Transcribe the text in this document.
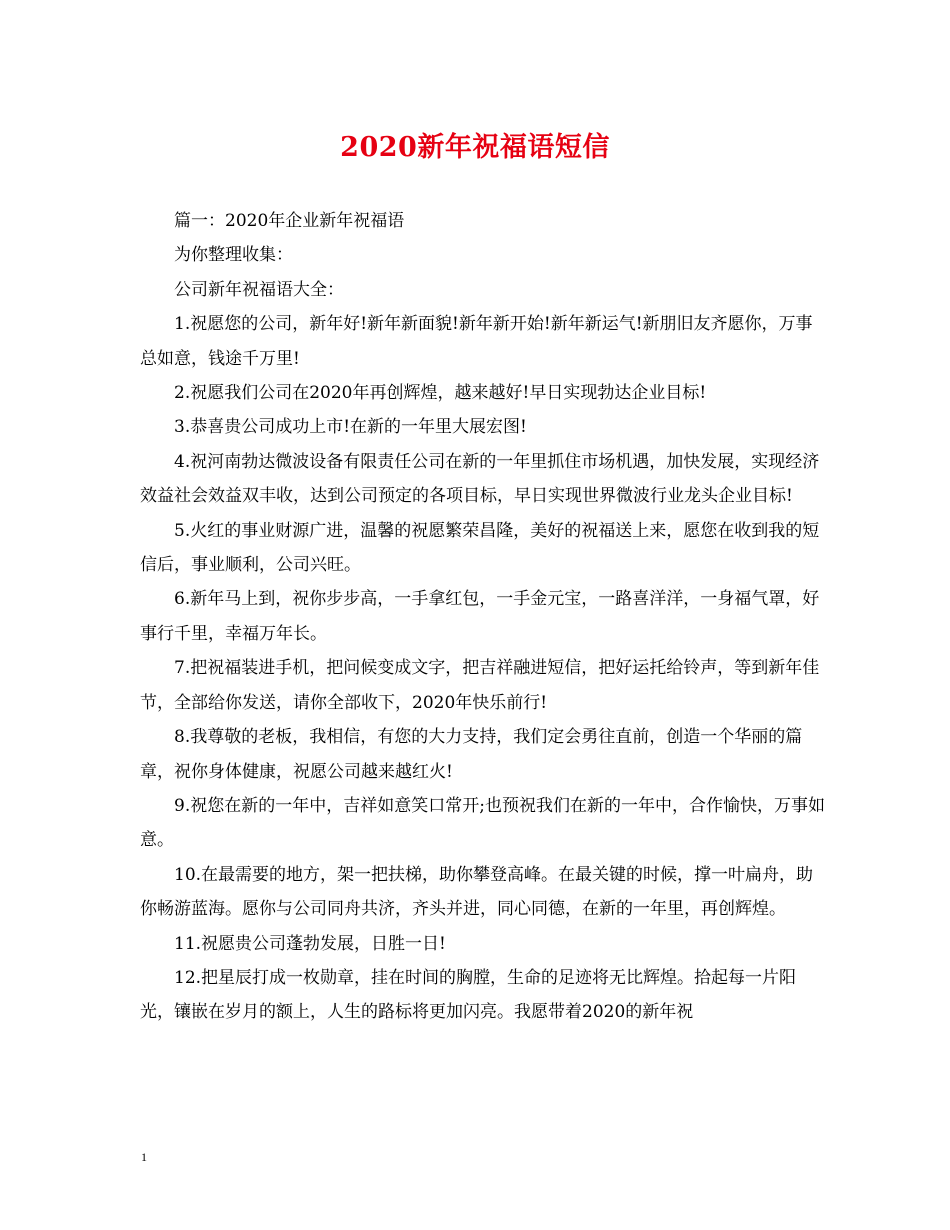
2020新年祝福语短信

篇一：2020年企业新年祝福语

为你整理收集：

公司新年祝福语大全：

1.祝愿您的公司，新年好!新年新面貌!新年新开始!新年新运气!新朋旧友齐愿你，万事总如意，钱途千万里!

2.祝愿我们公司在2020年再创辉煌，越来越好!早日实现勃达企业目标!

3.恭喜贵公司成功上市!在新的一年里大展宏图!

4.祝河南勃达微波设备有限责任公司在新的一年里抓住市场机遇，加快发展，实现经济效益社会效益双丰收，达到公司预定的各项目标，早日实现世界微波行业龙头企业目标!

5.火红的事业财源广进，温馨的祝愿繁荣昌隆，美好的祝福送上来，愿您在收到我的短信后，事业顺利，公司兴旺。

6.新年马上到，祝你步步高，一手拿红包，一手金元宝，一路喜洋洋，一身福气罩，好事行千里，幸福万年长。

7.把祝福装进手机，把问候变成文字，把吉祥融进短信，把好运托给铃声，等到新年佳节，全部给你发送，请你全部收下，2020年快乐前行!

8.我尊敬的老板，我相信，有您的大力支持，我们定会勇往直前，创造一个华丽的篇章，祝你身体健康，祝愿公司越来越红火!

9.祝您在新的一年中，吉祥如意笑口常开;也预祝我们在新的一年中，合作愉快，万事如意。

10.在最需要的地方，架一把扶梯，助你攀登高峰。在最关键的时候，撑一叶扁舟，助你畅游蓝海。愿你与公司同舟共济，齐头并进，同心同德，在新的一年里，再创辉煌。

11.祝愿贵公司蓬勃发展，日胜一日!

12.把星辰打成一枚勋章，挂在时间的胸膛，生命的足迹将无比辉煌。拾起每一片阳光，镶嵌在岁月的额上，人生的路标将更加闪亮。我愿带着2020的新年祝

1
